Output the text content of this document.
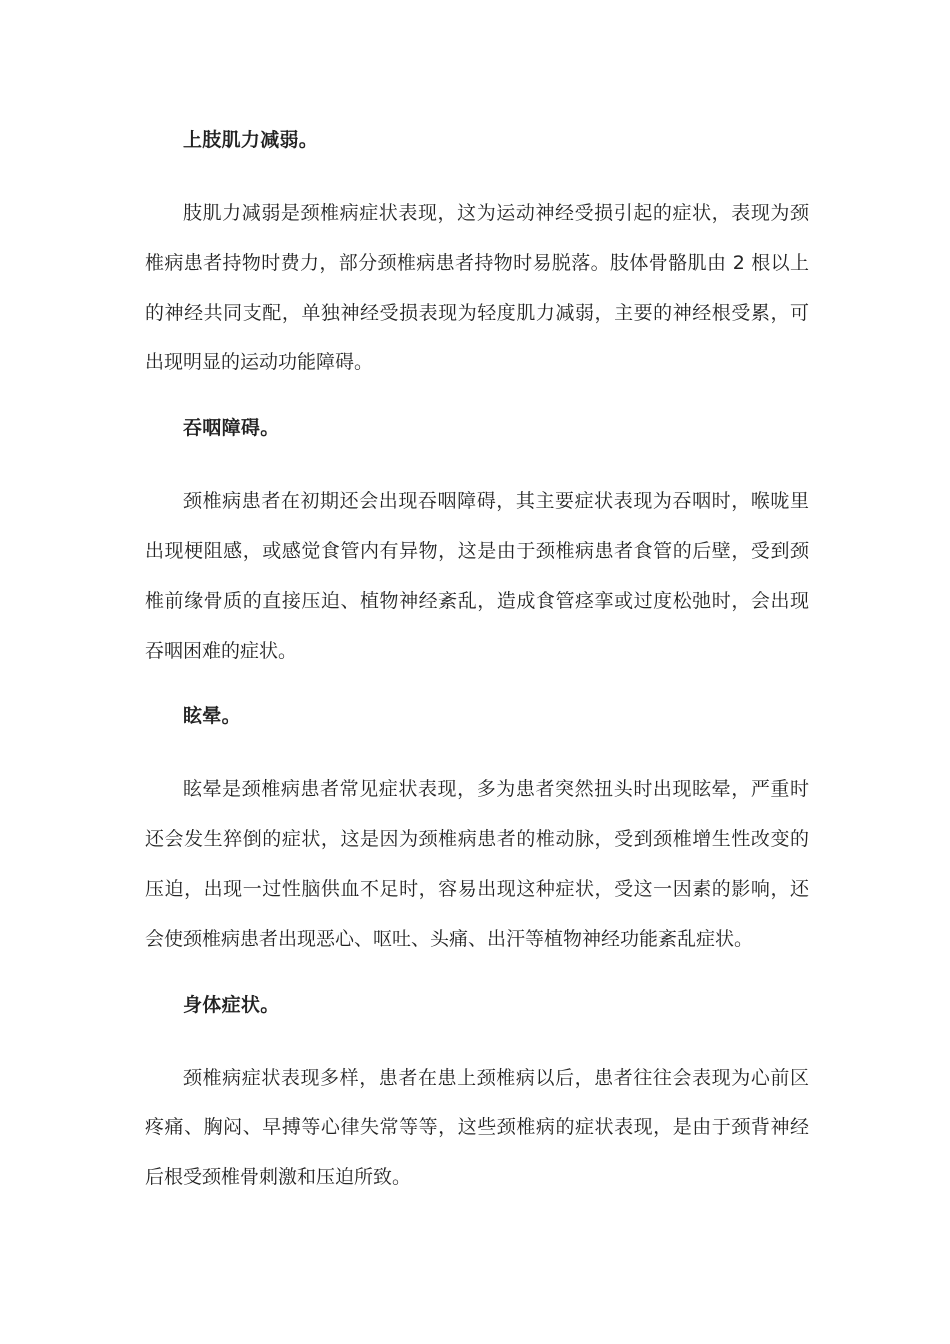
上肢肌力减弱。

肢肌力减弱是颈椎病症状表现，这为运动神经受损引起的症状，表现为颈椎病患者持物时费力，部分颈椎病患者持物时易脱落。肢体骨骼肌由 2 根以上的神经共同支配，单独神经受损表现为轻度肌力减弱，主要的神经根受累，可出现明显的运动功能障碍。

吞咽障碍。

颈椎病患者在初期还会出现吞咽障碍，其主要症状表现为吞咽时，喉咙里出现梗阻感，或感觉食管内有异物，这是由于颈椎病患者食管的后壁，受到颈椎前缘骨质的直接压迫、植物神经紊乱，造成食管痉挛或过度松弛时，会出现吞咽困难的症状。

眩晕。

眩晕是颈椎病患者常见症状表现，多为患者突然扭头时出现眩晕，严重时还会发生猝倒的症状，这是因为颈椎病患者的椎动脉，受到颈椎增生性改变的压迫，出现一过性脑供血不足时，容易出现这种症状，受这一因素的影响，还会使颈椎病患者出现恶心、呕吐、头痛、出汗等植物神经功能紊乱症状。

身体症状。

颈椎病症状表现多样，患者在患上颈椎病以后，患者往往会表现为心前区疼痛、胸闷、早搏等心律失常等等，这些颈椎病的症状表现，是由于颈背神经后根受颈椎骨刺激和压迫所致。
